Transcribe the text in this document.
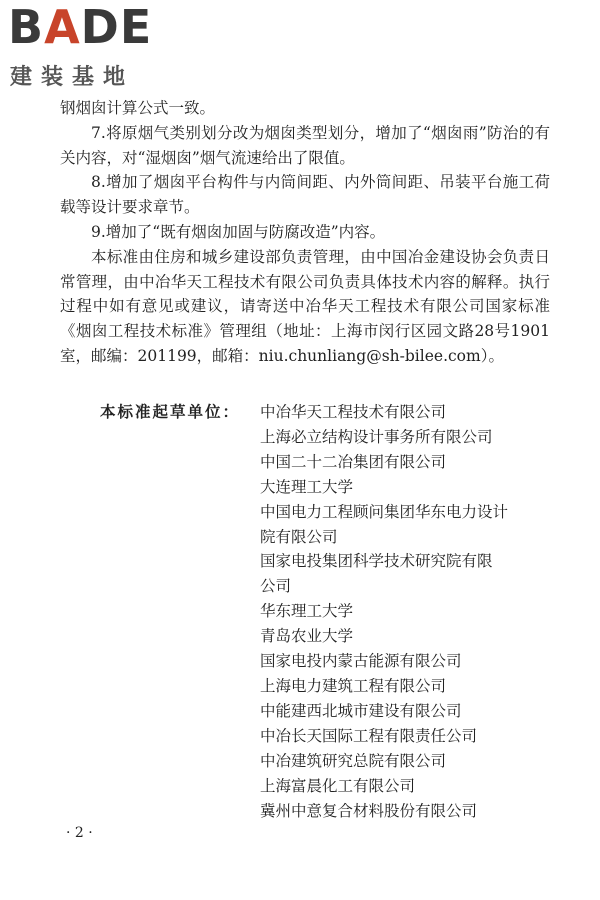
BADE
建装基地

钢烟囱计算公式一致。

7.将原烟气类别划分改为烟囱类型划分，增加了“烟囱雨”防治的有关内容，对“湿烟囱”烟气流速给出了限值。

8.增加了烟囱平台构件与内筒间距、内外筒间距、吊装平台施工荷载等设计要求章节。

9.增加了“既有烟囱加固与防腐改造”内容。

本标准由住房和城乡建设部负责管理，由中国冶金建设协会负责日常管理，由中冶华天工程技术有限公司负责具体技术内容的解释。执行过程中如有意见或建议，请寄送中冶华天工程技术有限公司国家标准《烟囱工程技术标准》管理组（地址：上海市闵行区园文路28号1901室，邮编：201199，邮箱：niu.chunliang@sh-bilee.com）。

本标准起草单位： 中冶华天工程技术有限公司
上海必立结构设计事务所有限公司
中国二十二冶集团有限公司
大连理工大学
中国电力工程顾问集团华东电力设计
院有限公司
国家电投集团科学技术研究院有限
公司
华东理工大学
青岛农业大学
国家电投内蒙古能源有限公司
上海电力建筑工程有限公司
中能建西北城市建设有限公司
中冶长天国际工程有限责任公司
中冶建筑研究总院有限公司
上海富晨化工有限公司
冀州中意复合材料股份有限公司
· 2 ·
